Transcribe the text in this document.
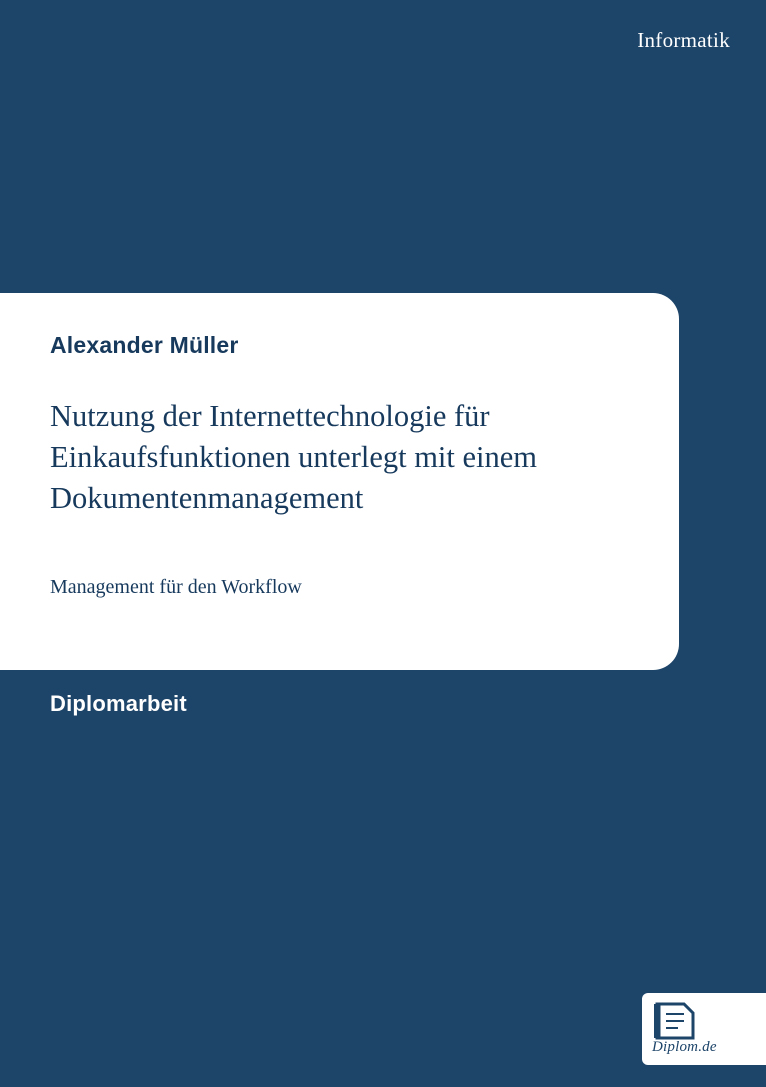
Informatik
Alexander Müller
Nutzung der Internettechnologie für Einkaufsfunktionen unterlegt mit einem Dokumentenmanagement
Management für den Workflow
Diplomarbeit
Diplom.de
